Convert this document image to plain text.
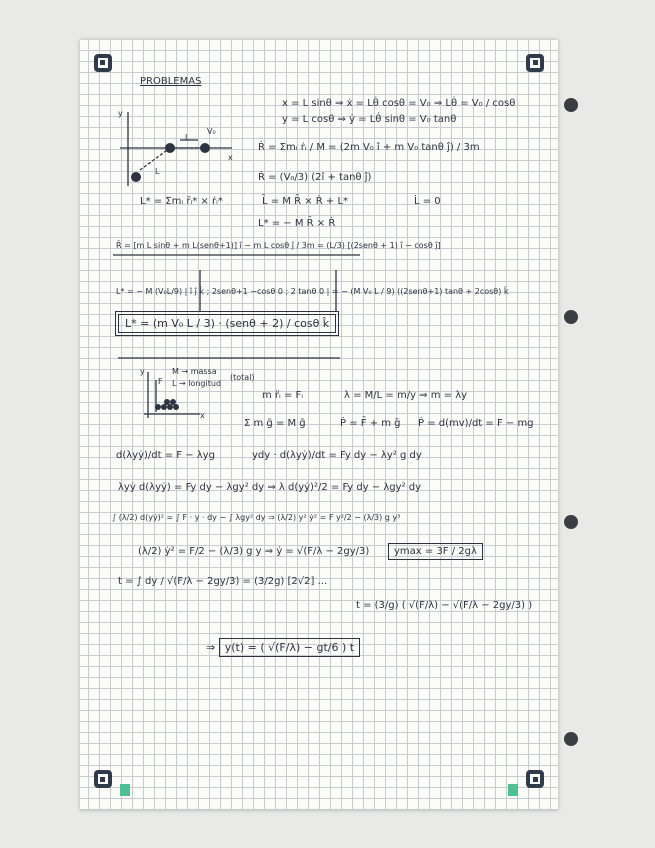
PROBLEMAS
y
x
L
V₀
L
x = L sinθ ⇒ ẋ = Lθ̇ cosθ = V₀ ⇒ Lθ̇ = V₀ / cosθ
y = L cosθ ⇒ ẏ = Lθ̇ sinθ = V₀ tanθ
Ṙ = Σmᵢ ṙᵢ / M = (2m V₀ î + m V₀ tanθ ĵ) / 3m
Ṙ = (V₀/3) (2î + tanθ ĵ)
L* = Σmᵢ r̄ᵢ* × ṙᵢ*	L̄ = M R̄ × Ṙ + L*	L̇ = 0
L* = − M R̄ × Ṙ
R̄ = [m L sinθ + m L(senθ+1)] î − m L cosθ ĵ / 3m = (L/3) [(2senθ + 1) î − cosθ ĵ]
L* = − M (V₀L/9) | î ĵ k̂ ; 2senθ+1 −cosθ 0 ; 2 tanθ 0 | = − (M V₀ L / 9) ((2senθ+1) tanθ + 2cosθ) k̂
L* = (m V₀ L / 3) · (senθ + 2) / cosθ k̂
y
F
x
M → massa
L → longitud
(total)
m r̈ᵢ = Fᵢ	λ = M/L = m/y ⇒ m = λy
Σ m g̃ = M g̃	Ṗ = F̄ + m ḡ Ṗ = d(mv)/dt = F − mg
d(λyẏ)/dt = F − λyg	ydy · d(λyẏ)/dt = Fy dy − λy² g dy
λyẏ d(λyẏ) = Fy dy − λgy² dy ⇒ λ d(yẏ)²/2 = Fy dy − λgy² dy
∫ (λ/2) d(yẏ)² = ∫ F · y · dy − ∫ λgy² dy ⇒ (λ/2) y² ẏ² = F y²/2 − (λ/3) g y³
(λ/2) ẏ² = F/2 − (λ/3) g y ⇒ ẏ = √(F/λ − 2gy/3)	ymax = 3F / 2gλ
t = ∫ dy / √(F/λ − 2gy/3) = (3/2g) [2√2] ...
t = (3/g) ( √(F/λ) − √(F/λ − 2gy/3) )
⇒ y(t) = ( √(F/λ) − gt/6 ) t
